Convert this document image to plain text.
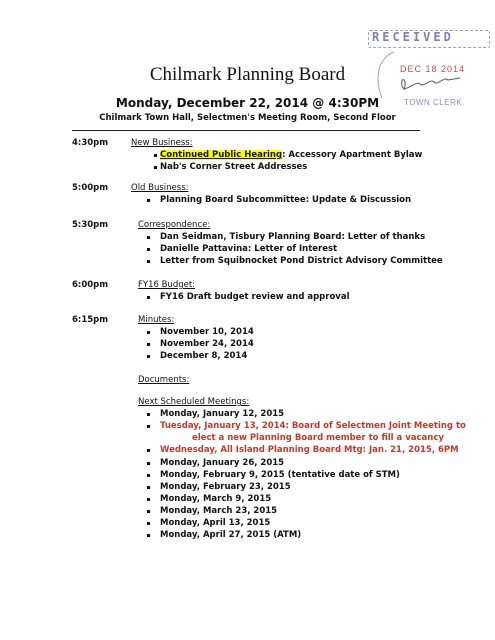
RECEIVED
DEC 18 2014
TOWN CLERK
Chilmark Planning Board
Monday, December 22, 2014 @ 4:30PM
Chilmark Town Hall, Selectmen's Meeting Room, Second Floor
4:30pm	New Business:
Continued Public Hearing: Accessory Apartment Bylaw
Nab's Corner Street Addresses
5:00pm	Old Business:
Planning Board Subcommittee: Update & Discussion
5:30pm	Correspondence:
Dan Seidman, Tisbury Planning Board: Letter of thanks
Danielle Pattavina: Letter of Interest
Letter from Squibnocket Pond District Advisory Committee
6:00pm	FY16 Budget:
FY16 Draft budget review and approval
6:15pm	Minutes:
November 10, 2014
November 24, 2014
December 8, 2014
Documents:
Next Scheduled Meetings:
Monday, January 12, 2015
Tuesday, January 13, 2014: Board of Selectmen Joint Meeting to
elect a new Planning Board member to fill a vacancy
Wednesday, All Island Planning Board Mtg: Jan. 21, 2015, 6PM
Monday, January 26, 2015
Monday, February 9, 2015 (tentative date of STM)
Monday, February 23, 2015
Monday, March 9, 2015
Monday, March 23, 2015
Monday, April 13, 2015
Monday, April 27, 2015 (ATM)
